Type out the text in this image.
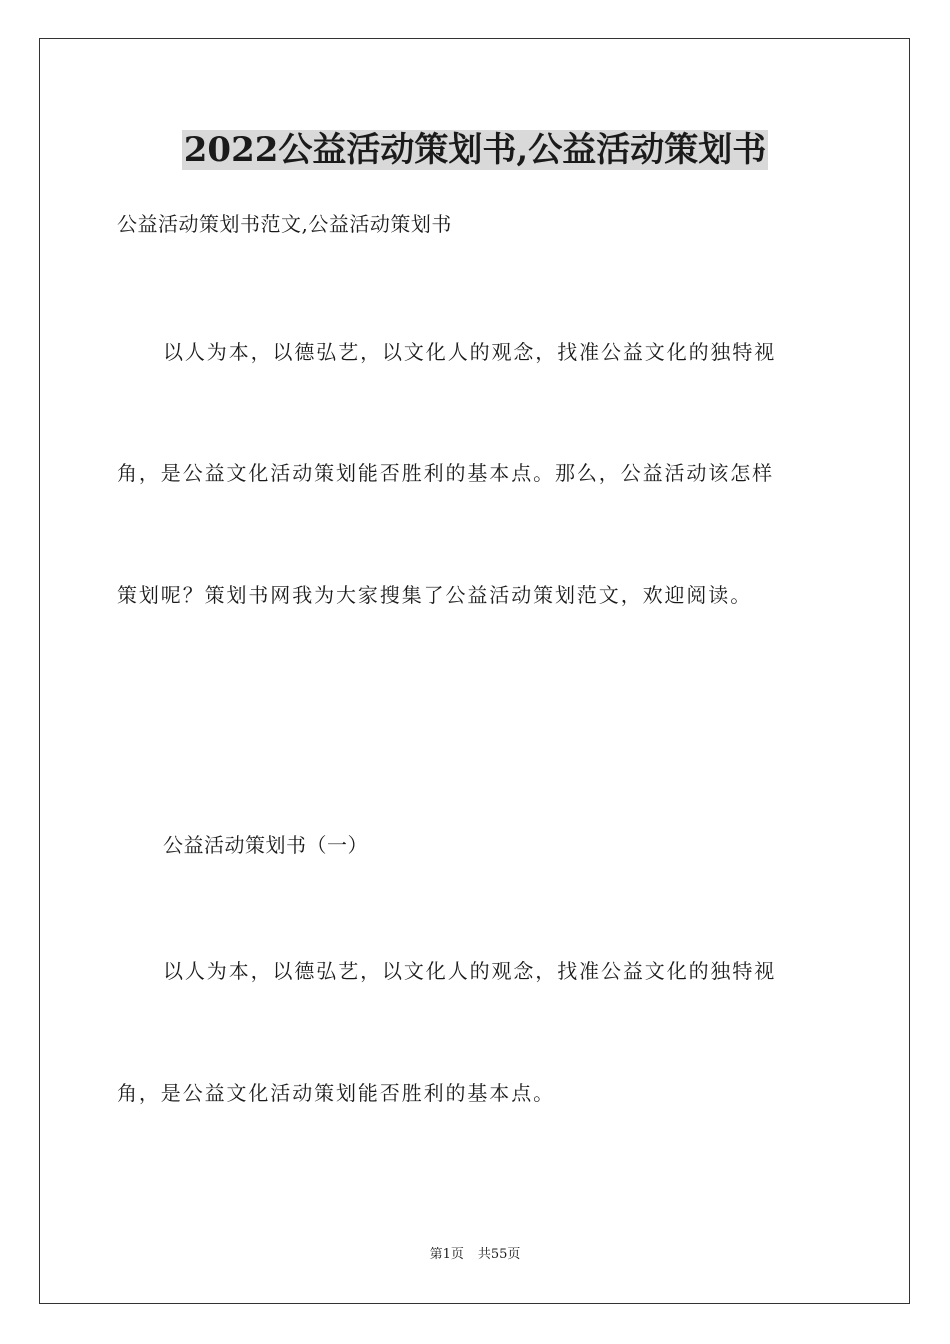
2022公益活动策划书,公益活动策划书
公益活动策划书范文,公益活动策划书
以人为本，以德弘艺，以文化人的观念，找准公益文化的独特视
角，是公益文化活动策划能否胜利的基本点。那么，公益活动该怎样
策划呢？策划书网我为大家搜集了公益活动策划范文，欢迎阅读。
公益活动策划书（一）
以人为本，以德弘艺，以文化人的观念，找准公益文化的独特视
角，是公益文化活动策划能否胜利的基本点。
第1页 共55页
